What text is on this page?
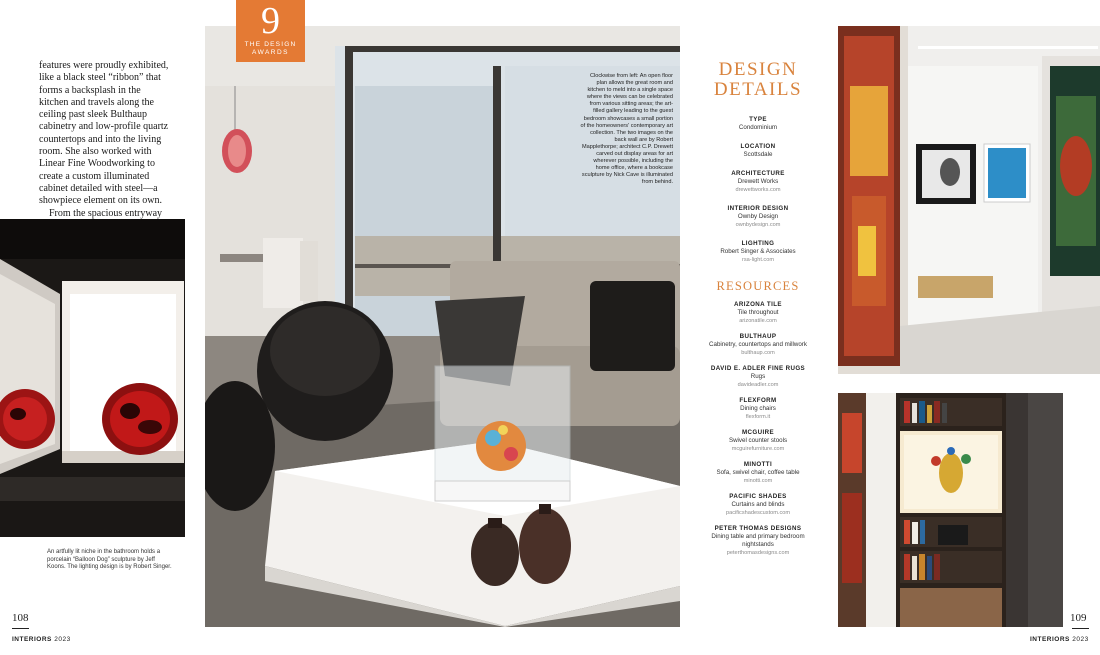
features were proudly exhibited, like a black steel “ribbon” that forms a backsplash in the kitchen and travels along the ceiling past sleek Bulthaup cabinetry and low-profile quartz countertops and into the living room. She also worked with Linear Fine Woodworking to create a custom illuminated cabinet detailed with steel—a showpiece element on its own.

From the spacious entryway

An artfully lit niche in the bathroom holds a porcelain “Balloon Dog” sculpture by Jeff Koons. The lighting design is by Robert Singer.
108
INTERIORS 2023
9
THE DESIGN
AWARDS
Clockwise from left: An open floor plan allows the great room and kitchen to meld into a single space where the views can be celebrated from various sitting areas; the art-filled gallery leading to the guest bedroom showcases a small portion of the homeowners' contemporary art collection. The two images on the back wall are by Robert Mapplethorpe; architect C.P. Drewett carved out display areas for art wherever possible, including the home office, where a bookcase sculpture by Nick Cave is illuminated from behind.
DESIGN DETAILS
TYPE
Condominium
LOCATION
Scottsdale
ARCHITECTURE
Drewett Works
drewettworks.com
INTERIOR DESIGN
Ownby Design
ownbydesign.com
LIGHTING
Robert Singer & Associates
rsa-light.com
RESOURCES
ARIZONA TILE
Tile throughout
arizonatile.com
BULTHAUP
Cabinetry, countertops and millwork
bulthaup.com
DAVID E. ADLER FINE RUGS
Rugs
davideadler.com
FLEXFORM
Dining chairs
flexform.it
MCGUIRE
Swivel counter stools
mcguirefurniture.com
MINOTTI
Sofa, swivel chair, coffee table
minotti.com
PACIFIC SHADES
Curtains and blinds
pacificshadescustom.com
PETER THOMAS DESIGNS
Dining table and primary bedroom nightstands
peterthomasdesigns.com
109
INTERIORS 2023
